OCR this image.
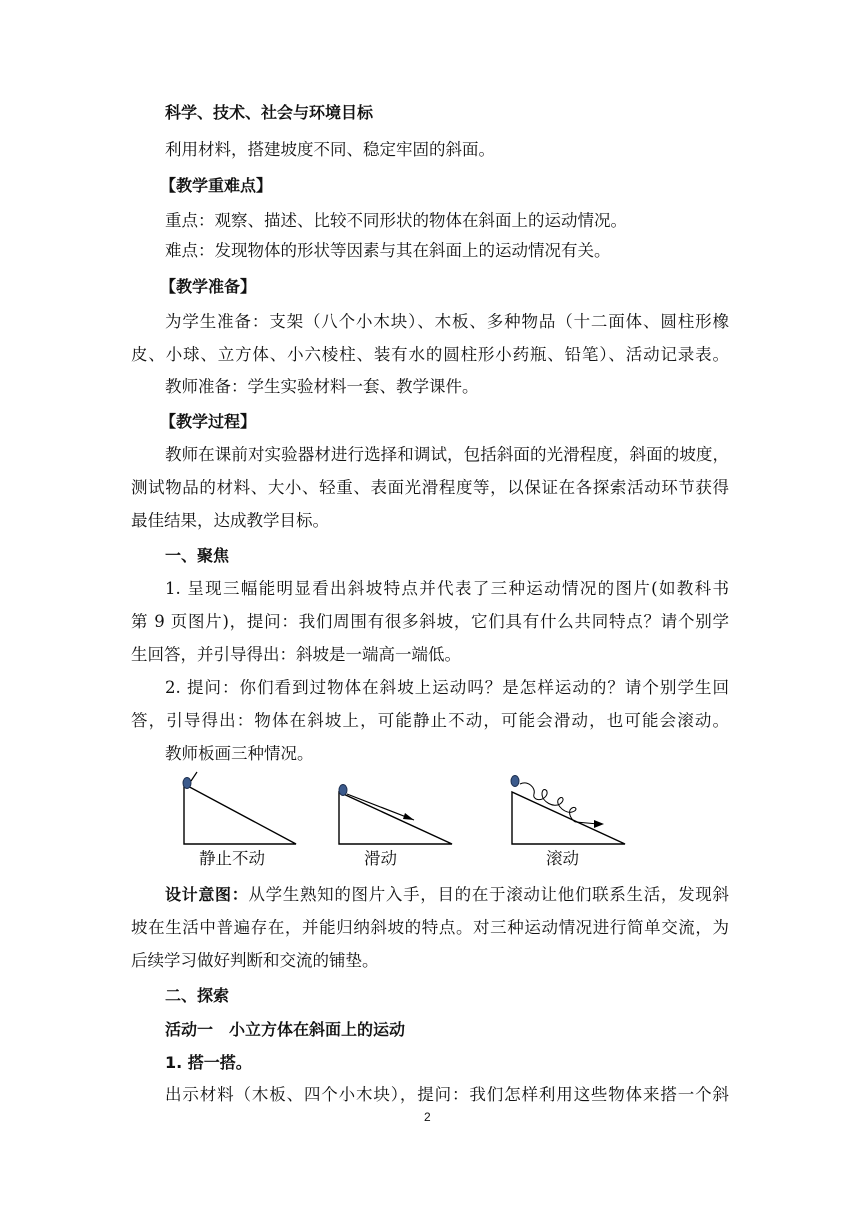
科学、技术、社会与环境目标
利用材料，搭建坡度不同、稳定牢固的斜面。
【教学重难点】
重点：观察、描述、比较不同形状的物体在斜面上的运动情况。
难点：发现物体的形状等因素与其在斜面上的运动情况有关。
【教学准备】
为学生准备：支架（八个小木块）、木板、多种物品（十二面体、圆柱形橡
皮、小球、立方体、小六棱柱、装有水的圆柱形小药瓶、铅笔）、活动记录表。
教师准备：学生实验材料一套、教学课件。
【教学过程】
教师在课前对实验器材进行选择和调试，包括斜面的光滑程度，斜面的坡度，
测试物品的材料、大小、轻重、表面光滑程度等，以保证在各探索活动环节获得
最佳结果，达成教学目标。
一、聚焦
1. 呈现三幅能明显看出斜坡特点并代表了三种运动情况的图片(如教科书
第 9 页图片)，提问：我们周围有很多斜坡，它们具有什么共同特点？请个别学
生回答，并引导得出：斜坡是一端高一端低。
2. 提问：你们看到过物体在斜坡上运动吗？是怎样运动的？请个别学生回
答，引导得出：物体在斜坡上，可能静止不动，可能会滑动，也可能会滚动。
教师板画三种情况。
静止不动	滑动	滚动
设计意图：从学生熟知的图片入手，目的在于滚动让他们联系生活，发现斜
坡在生活中普遍存在，并能归纳斜坡的特点。对三种运动情况进行简单交流，为
后续学习做好判断和交流的铺垫。
二、探索
活动一　小立方体在斜面上的运动
1. 搭一搭。
出示材料（木板、四个小木块），提问：我们怎样利用这些物体来搭一个斜
2
